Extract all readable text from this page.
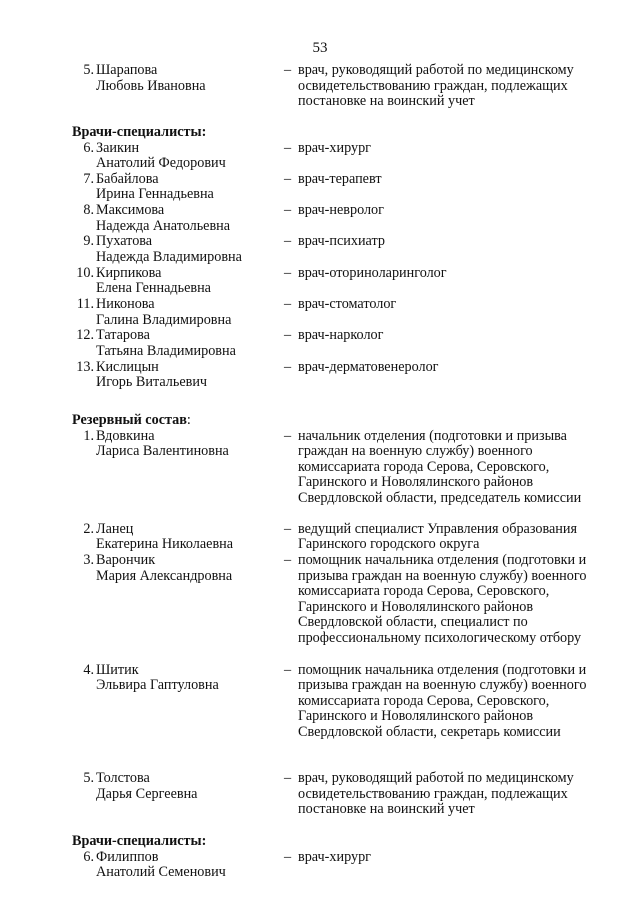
53
5. Шарапова
Любовь Ивановна
– врач, руководящий работой по медицинскому освидетельствованию граждан, подлежащих постановке на воинский учет
Врачи-специалисты:
6. Заикин
Анатолий Федорович
– врач-хирург
7. Бабайлова
Ирина Геннадьевна
– врач-терапевт
8. Максимова
Надежда Анатольевна
– врач-невролог
9. Пухатова
Надежда Владимировна
– врач-психиатр
10. Кирпикова
Елена Геннадьевна
– врач-оториноларинголог
11. Никонова
Галина Владимировна
– врач-стоматолог
12. Татарова
Татьяна Владимировна
– врач-нарколог
13. Кислицын
Игорь Витальевич
– врач-дерматовенеролог
Резервный состав:
1. Вдовкина
Лариса Валентиновна
– начальник отделения (подготовки и призыва граждан на военную службу) военного комиссариата города Серова, Серовского, Гаринского и Новолялинского районов Свердловской области, председатель комиссии
2. Ланец
Екатерина Николаевна
– ведущий специалист Управления образования Гаринского городского округа
3. Варончик
Мария Александровна
– помощник начальника отделения (подготовки и призыва граждан на военную службу) военного комиссариата города Серова, Серовского, Гаринского и Новолялинского районов Свердловской области, специалист по профессиональному психологическому отбору
4. Шитик
Эльвира Гаптуловна
– помощник начальника отделения (подготовки и призыва граждан на военную службу) военного комиссариата города Серова, Серовского, Гаринского и Новолялинского районов Свердловской области, секретарь комиссии
5. Толстова
Дарья Сергеевна
– врач, руководящий работой по медицинскому освидетельствованию граждан, подлежащих постановке на воинский учет
Врачи-специалисты:
6. Филиппов
Анатолий Семенович
– врач-хирург
